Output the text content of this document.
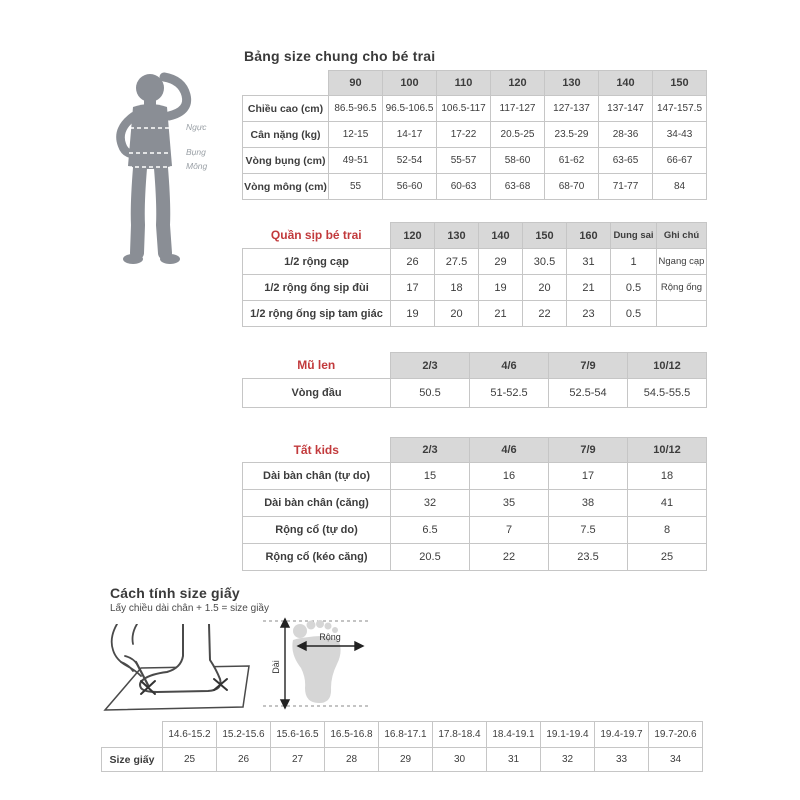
Bảng size chung cho bé trai
Ngực
Bụng
Mông
	90	100	110	120	130	140	150
Chiều cao (cm)	86.5-96.5	96.5-106.5	106.5-117	117-127	127-137	137-147	147-157.5
Cân nặng (kg)	12-15	14-17	17-22	20.5-25	23.5-29	28-36	34-43
Vòng bụng (cm)	49-51	52-54	55-57	58-60	61-62	63-65	66-67
Vòng mông (cm)	55	56-60	60-63	63-68	68-70	71-77	84
Quần sịp bé trai	120	130	140	150	160	Dung sai	Ghi chú
1/2 rộng cạp	26	27.5	29	30.5	31	1	Ngang cạp
1/2 rộng ống sịp đùi	17	18	19	20	21	0.5	Rộng ống
1/2 rộng ống sịp tam giác	19	20	21	22	23	0.5	
Mũ len	2/3	4/6	7/9	10/12
Vòng đầu	50.5	51-52.5	52.5-54	54.5-55.5
Tất kids	2/3	4/6	7/9	10/12
Dài bàn chân (tự do)	15	16	17	18
Dài bàn chân (căng)	32	35	38	41
Rộng cổ (tự do)	6.5	7	7.5	8
Rộng cổ (kéo căng)	20.5	22	23.5	25
Cách tính size giấy
Lấy chiều dài chân + 1.5 = size giầy
Dài
Rộng
	14.6-15.2	15.2-15.6	15.6-16.5	16.5-16.8	16.8-17.1	17.8-18.4	18.4-19.1	19.1-19.4	19.4-19.7	19.7-20.6
Size giấy	25	26	27	28	29	30	31	32	33	34
